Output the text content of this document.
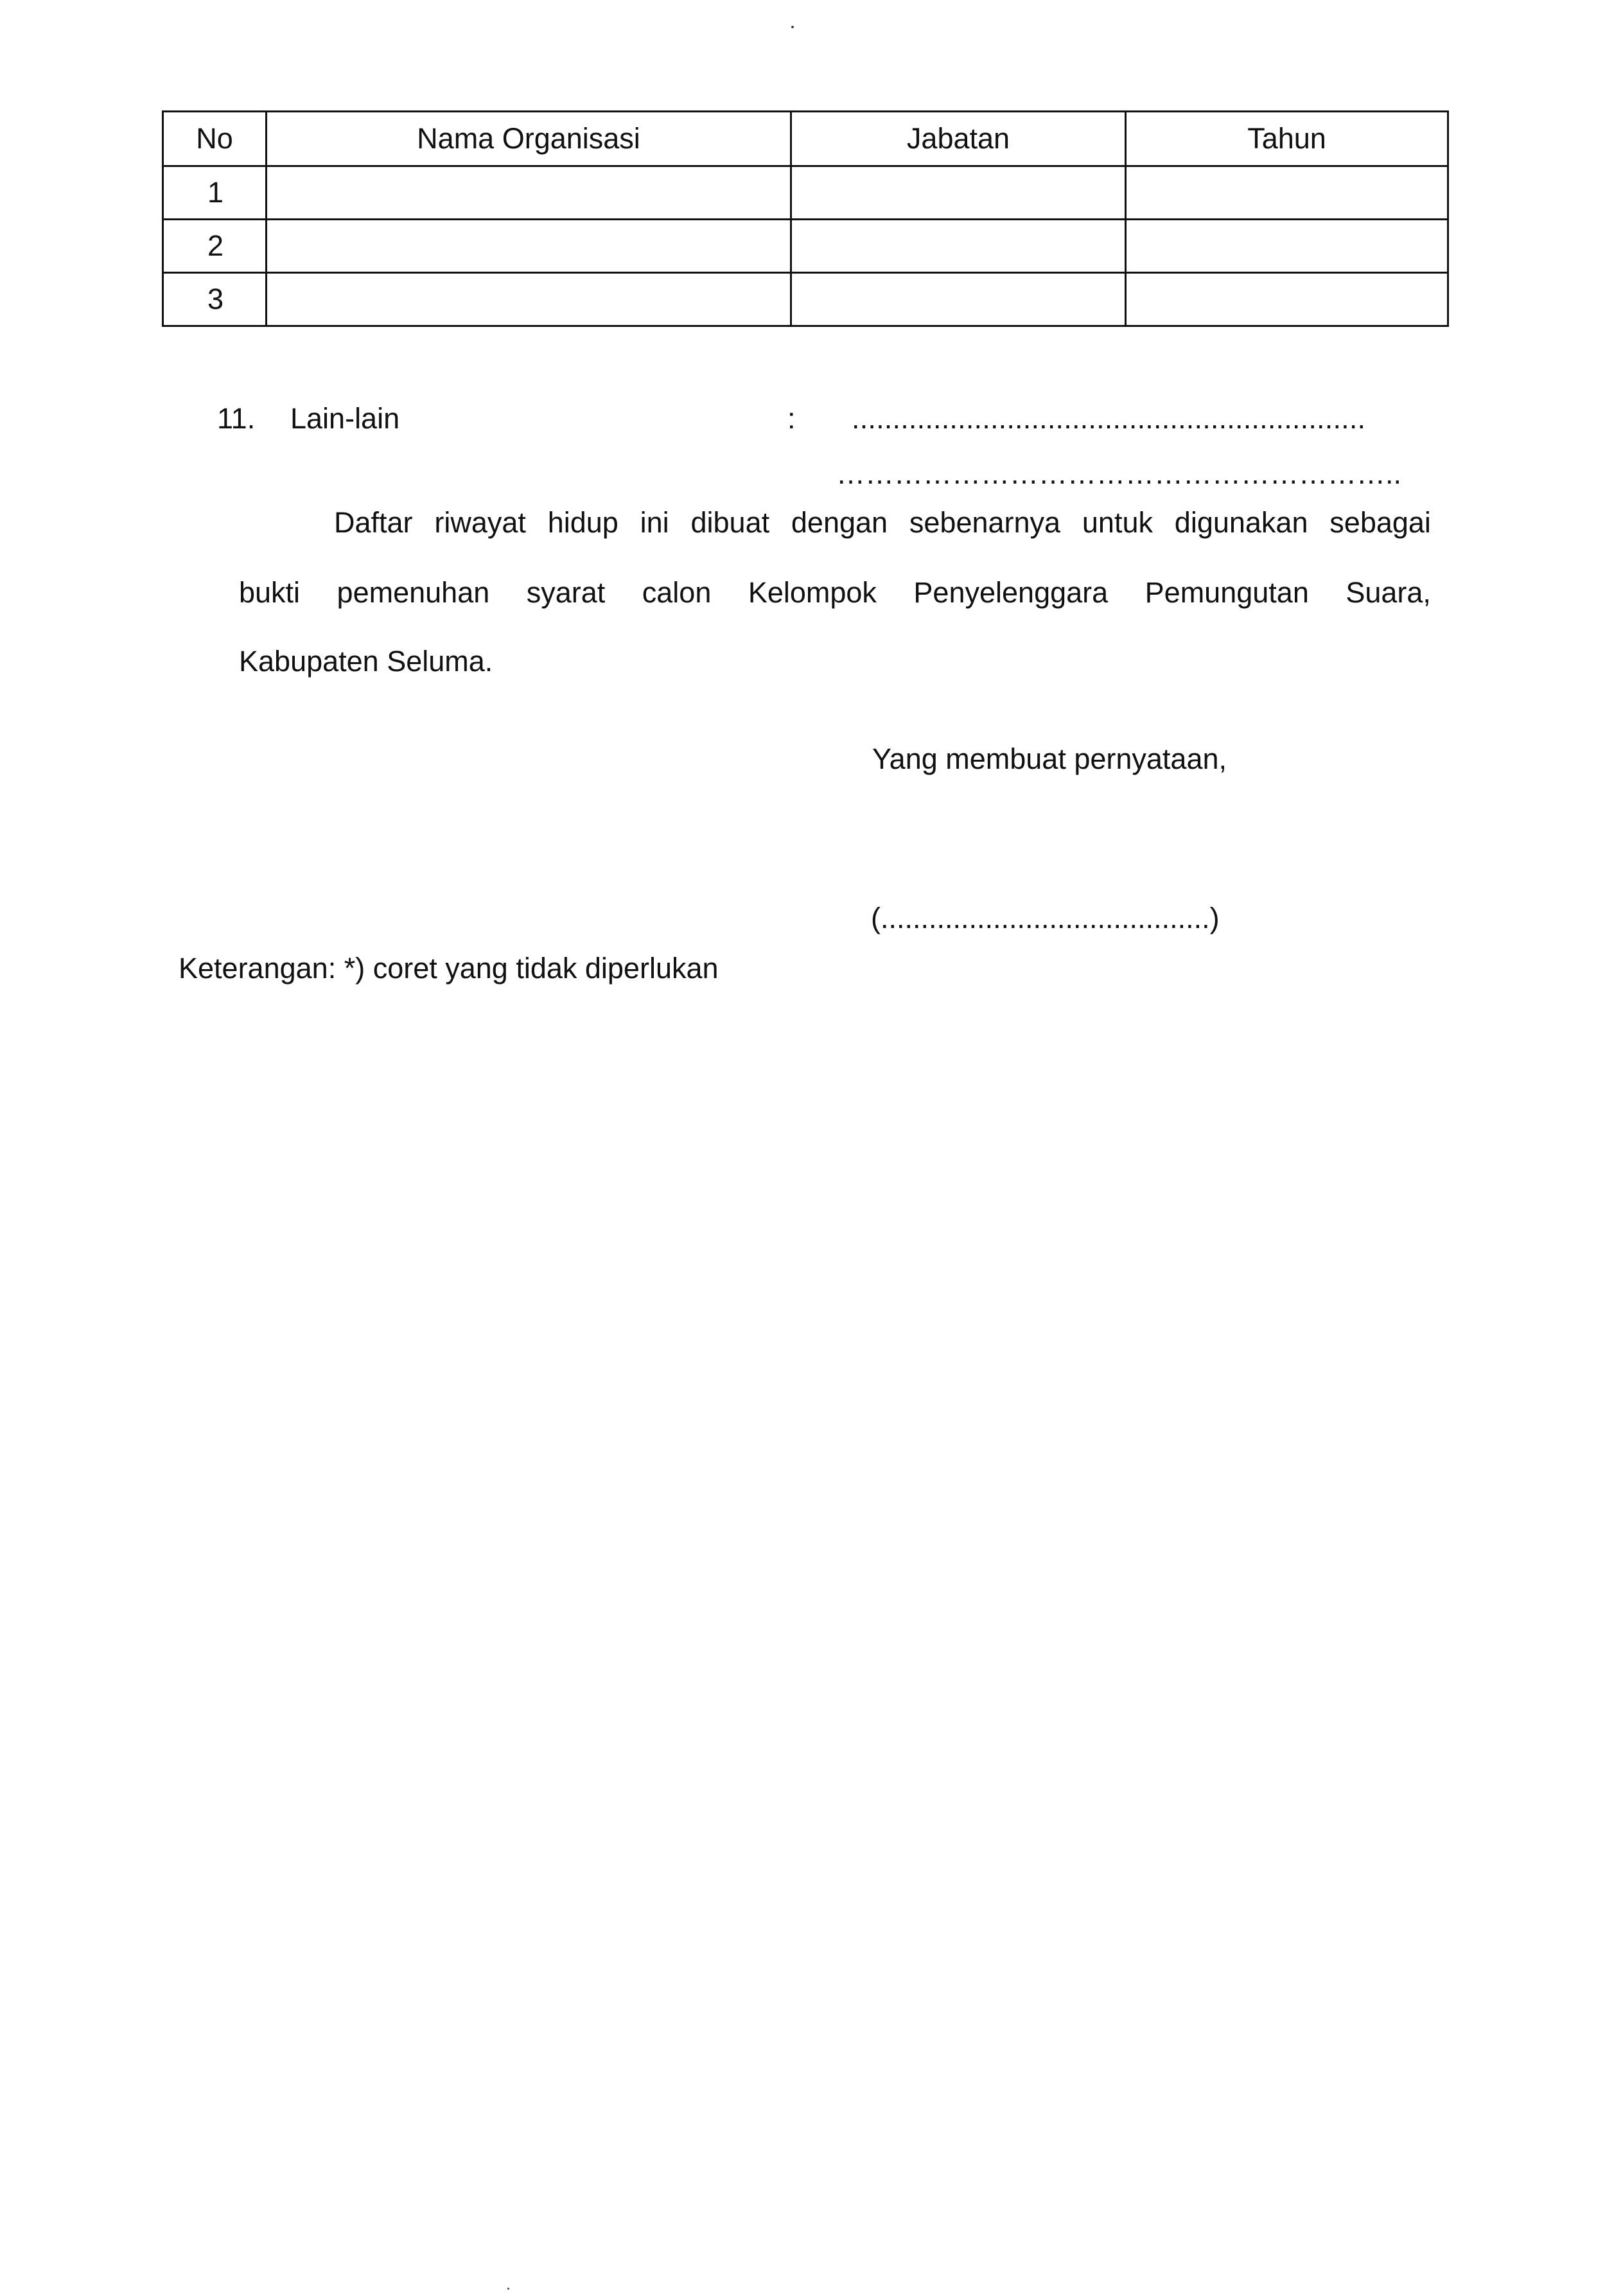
No	Nama Organisasi	Jabatan	Tahun
1			
2			
3			
11. Lain-lain	: ...............................................................
…………………………………………………..
Daftar riwayat hidup ini dibuat dengan sebenarnya untuk digunakan sebagai
bukti pemenuhan syarat calon Kelompok Penyelenggara Pemungutan Suara,
Kabupaten Seluma.
Yang membuat pernyataan,
(.........................................)
Keterangan: *) coret yang tidak diperlukan
